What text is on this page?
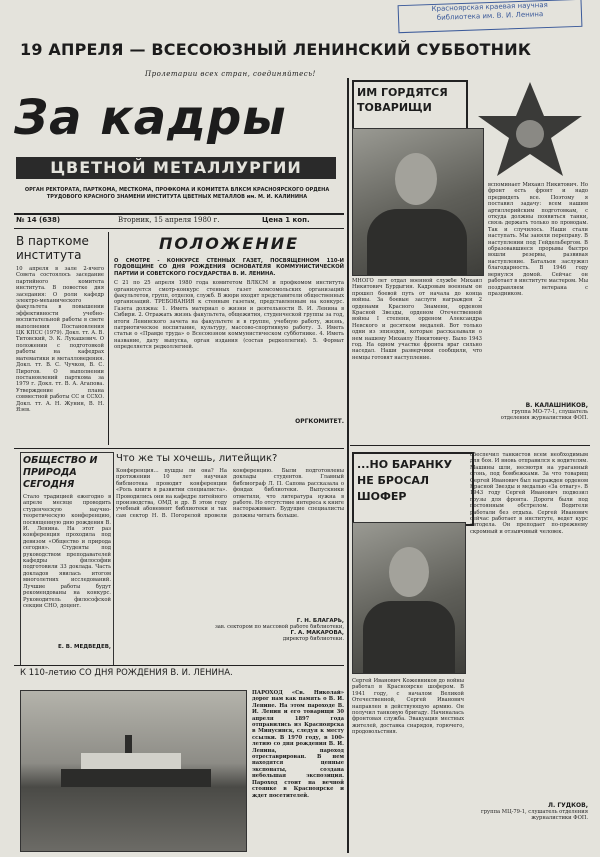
Красноярская краевая научная
библиотека им. В. И. Ленина
19 АПРЕЛЯ — ВСЕСОЮЗНЫЙ ЛЕНИНСКИЙ СУББОТНИК
Пролетарии всех стран, соединяйтесь!
За кадры
ЦВЕТНОЙ МЕТАЛЛУРГИИ
ОРГАН РЕКТОРАТА, ПАРТКОМА, МЕСТКОМА, ПРОФКОМА И КОМИТЕТА ВЛКСМ КРАСНОЯРСКОГО ОРДЕНА ТРУДОВОГО КРАСНОГО ЗНАМЕНИ ИНСТИТУТА ЦВЕТНЫХ МЕТАЛЛОВ им. М. И. КАЛИНИНА
№ 14 (638)	Вторник, 15 апреля 1980 г.	Цена 1 коп.
В парткоме института
10 апреля в зале 2-ячего Совета состоялось заседание партийного комитета института. В повестке дня заседания: О роли кафедр электро-механического факультета в повышении эффективности учебно-воспитательной работы в свете выполнения Постановления ЦК КПСС (1979). Докл. тт. А. В. Титовский, Э. К. Лукашевич. О положении с подготовкой работы на кафедрах математики и металловедения. Докл. тт. В. С. Чучков, В. С. Пирогов. О выполнении постановлений парткома за 1979 г. Докл. тт. В. А. Агапова. Утверждение плана совместной работы СС и ССХО. Докл. тт. А. Н. Жунин, В. Н. Язев.
ПОЛОЖЕНИЕ
О СМОТРЕ - КОНКУРСЕ СТЕННЫХ ГАЗЕТ, ПОСВЯЩЕННОМ 110-Й ГОДОВЩИНЕ СО ДНЯ РОЖДЕНИЯ ОСНОВАТЕЛЯ КОММУНИСТИЧЕСКОЙ ПАРТИИ И СОВЕТСКОГО ГОСУДАРСТВА В. И. ЛЕНИНА.
С 21 по 25 апреля 1980 года комитетом ВЛКСМ и профкомом института организуется смотр-конкурс стенных газет комсомольских организаций факультетов, групп, отделов, служб. В жюри входят представители общественных организаций. ТРЕБОВАНИЯ к стенным газетам, представленным на конкурс. Газета должна: 1. Иметь материал о жизни и деятельности В. И. Ленина в Сибири. 2. Отражать жизнь факультета, общежития, студенческой группы за год, итоги Ленинского зачета на факультете и в группе, учебную работу, жизнь, патриотическое воспитание, культуру, массово-спортивную работу. 3. Иметь статьи о «Правде труда» о Всесоюзном коммунистическом субботнике. 4. Иметь название, дату выпуска, орган издания (состав редколлегии). 5. Формат определяется редколлегией.
ОРГКОМИТЕТ.
ОБЩЕСТВО И ПРИРОДА СЕГОДНЯ
Стало традицией ежегодно в апреле месяце проводить студенческую научно-теоретическую конференцию, посвященную дню рождения В. И. Ленина. На этот раз конференция проходила под девизом «Общество и природа сегодня». Студенты под руководством преподавателей кафедры философии подготовили 33 доклада. Часть докладов явилась итогом многолетних исследований. Лучшие работы будут рекомендованы на конкурс. Руководитель философской секции СНО, доцент.
Е. В. МЕДВЕДЕВ,
Что же ты хочешь, литейщик?
Конференция... пушды ли она? На протяжении 10 лет научная библиотека проводит конференции «Роль книги в развитии специалиста». Проводились они на кафедре литейного производства, ОМД и др. В этом году учебный абонемент библиотеки и так сам сектор Н. В. Погорелой провели конференцию. Были подготовлены доклады студентов. Главный библиограф Л. П. Сапова рассказала о фондах библиотеки. Выпускники отметили, что литература нужна в работе. Но отсутствие интереса к книге настораживает. Будущие специалисты должны читать больше.
Г. Н. БЛАГАРЬ,
зав. сектором по массовой работе библиотеки,
Г. А. МАКАРОВА,
директор библиотеки.
К 110-летию СО ДНЯ РОЖДЕНИЯ В. И. ЛЕНИНА.
ПАРОХОД «Св. Николай» дорог нам как память о В. И. Ленине. На этом пароходе В. И. Ленин и его товарищи 30 апреля 1897 года отправились из Красноярска в Минусинск, следуя к месту ссылки. В 1970 году, в 100-летию со дня рождения В. И. Ленина, пароход отреставрирован. В нем находятся ценные экспонаты, создана небольшая экспозиция. Пароход стоит на вечной стоянке в Красноярске и ждет посетителей.
ИМ ГОРДЯТСЯ ТОВАРИЩИ
МНОГО лет отдал военной службе Михаил Никитович Бурдыгин. Кадровым военным он прошел боевой путь от начала до конца войны. За боевые заслуги награжден 2 орденами Красного Знамени, орденом Красной Звезды, орденом Отечественной войны I степени, орденом Александра Невского и десятком медалей. Вот только одни из эпизодов, которые рассказывали о нем нашему Михаилу Никитовичу. Было 1943 год. На одном участке фронта враг сильно наседал. Наши разведчики сообщили, что немцы готовят наступление.
вспоминает Михаил Никитович. Но фронт есть фронт и надо предвидеть все. Поэтому я поставил задачу: всем нашим артиллерийским подготовкам, с откуда должны появиться танки, связь держать только по проводам. Так и случилось. Наши стали наступать. Мы заняли переправу. В наступлении под Гейдельбергом. В образовавшиеся прорывы быстро вошли резервы, развивая наступление. Батальон заслужил благодарность. В 1946 году вернулся домой. Сейчас он работает в институте мастером. Мы поздравляем ветерана с праздником.
В. КАЛАШНИКОВ,
группа МО-77-1, слушатель отделения журналистики ФОП.
...НО БАРАНКУ НЕ БРОСАЛ ШОФЕР
обеспечил танкистов всем необходимым для боя. И вновь отправился к водителям. Машины шли, несмотря на ураганный огонь, под бомбежками. За что товарищ Сергей Иванович был награжден орденом Красной Звезды и медалью «За отвагу». В 1943 году Сергей Иванович подвозил грузы для фронта. Дороги были под постоянным обстрелом. Водители работали без отдыха. Сергей Иванович сейчас работает в институте, ведет курс автодела. Он преподает по-прежнему скромный и отзывчивый человек.
Сергей Иванович Кожевников до войны работал в Красноярске шофером. В 1941 году, с началом Великой Отечественной, Сергей Иванович направлен в действующую армию. Он получил танковую бригаду. Начиналась фронтовая служба. Эвакуация местных жителей, доставка снарядов, горючего, продовольствия.
Л. ГУДКОВ,
группа МЦ-79-1, слушатель отделения журналистики ФОП.
